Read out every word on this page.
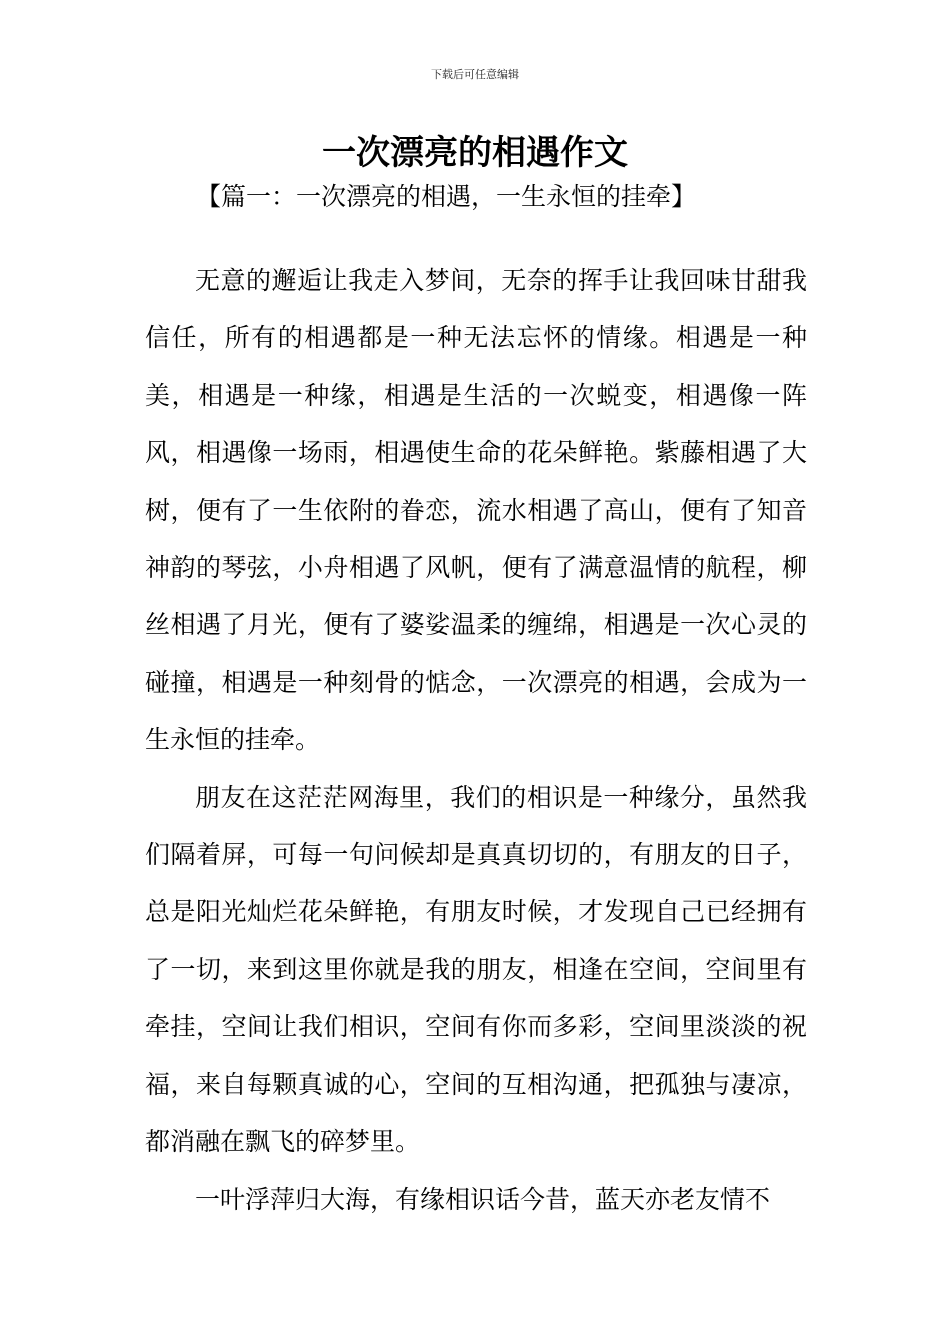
下载后可任意编辑
一次漂亮的相遇作文
【篇一：一次漂亮的相遇，一生永恒的挂牵】

无意的邂逅让我走入梦间，无奈的挥手让我回味甘甜我信任，所有的相遇都是一种无法忘怀的情缘。相遇是一种美，相遇是一种缘，相遇是生活的一次蜕变，相遇像一阵风，相遇像一场雨，相遇使生命的花朵鲜艳。紫藤相遇了大树，便有了一生依附的眷恋，流水相遇了高山，便有了知音神韵的琴弦，小舟相遇了风帆，便有了满意温情的航程，柳丝相遇了月光，便有了婆娑温柔的缠绵，相遇是一次心灵的碰撞，相遇是一种刻骨的惦念，一次漂亮的相遇，会成为一生永恒的挂牵。

朋友在这茫茫网海里，我们的相识是一种缘分，虽然我们隔着屏，可每一句问候却是真真切切的，有朋友的日子，总是阳光灿烂花朵鲜艳，有朋友时候，才发现自己已经拥有了一切，来到这里你就是我的朋友，相逢在空间，空间里有牵挂，空间让我们相识，空间有你而多彩，空间里淡淡的祝福，来自每颗真诚的心，空间的互相沟通，把孤独与凄凉，都消融在飘飞的碎梦里。

一叶浮萍归大海，有缘相识话今昔，蓝天亦老友情不
